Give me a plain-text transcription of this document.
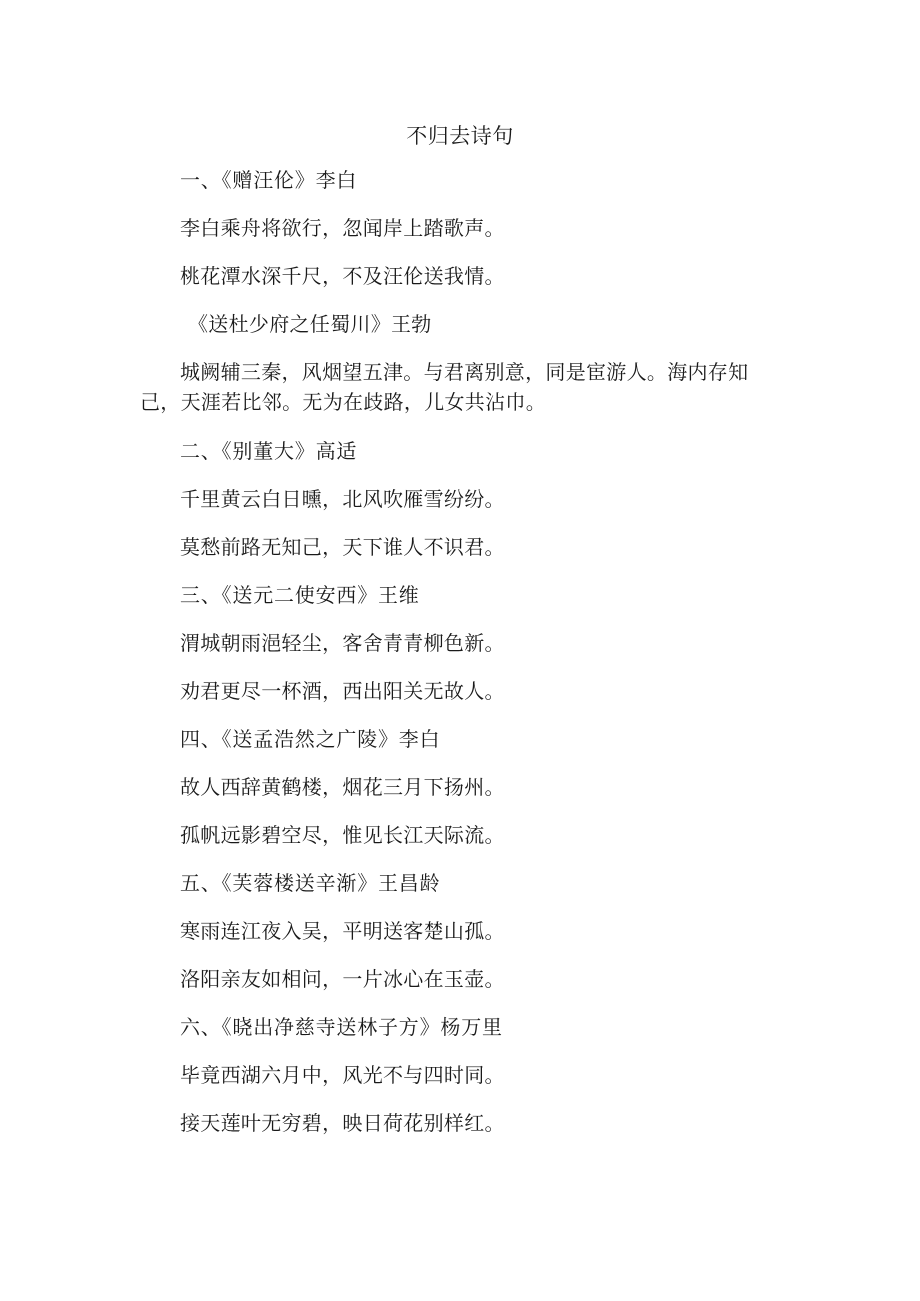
不归去诗句

一、《赠汪伦》李白

李白乘舟将欲行，忽闻岸上踏歌声。

桃花潭水深千尺，不及汪伦送我情。

《送杜少府之任蜀川》王勃

城阙辅三秦，风烟望五津。与君离别意，同是宦游人。海内存知己，天涯若比邻。无为在歧路，儿女共沾巾。

二、《别董大》高适

千里黄云白日曛，北风吹雁雪纷纷。

莫愁前路无知己，天下谁人不识君。

三、《送元二使安西》王维

渭城朝雨浥轻尘，客舍青青柳色新。

劝君更尽一杯酒，西出阳关无故人。

四、《送孟浩然之广陵》李白

故人西辞黄鹤楼，烟花三月下扬州。

孤帆远影碧空尽，惟见长江天际流。

五、《芙蓉楼送辛渐》王昌龄

寒雨连江夜入吴，平明送客楚山孤。

洛阳亲友如相问，一片冰心在玉壶。

六、《晓出净慈寺送林子方》杨万里

毕竟西湖六月中，风光不与四时同。

接天莲叶无穷碧，映日荷花别样红。
